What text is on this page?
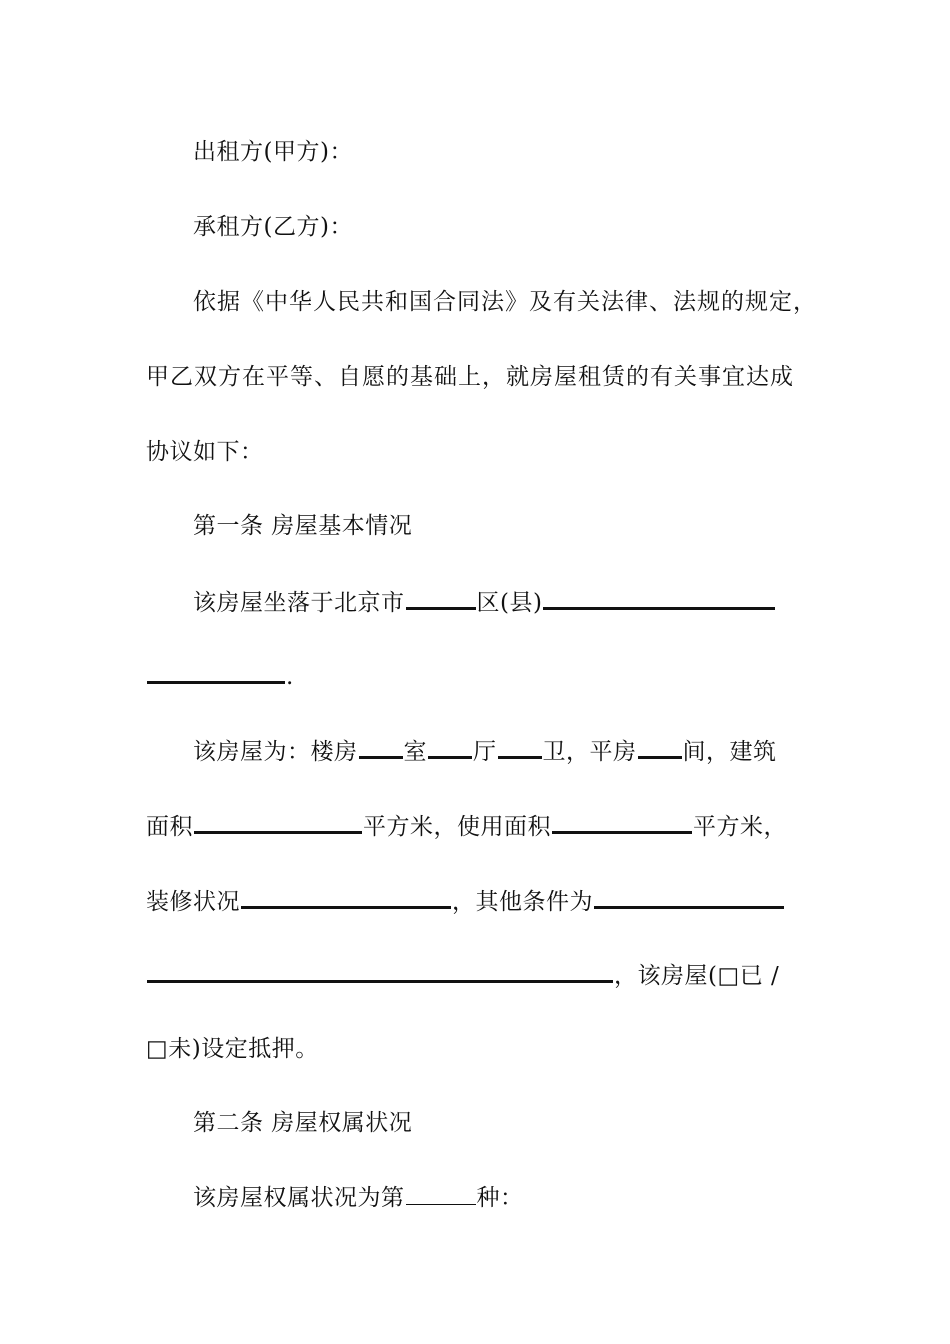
出租方(甲方)：
承租方(乙方)：
依据《中华人民共和国合同法》及有关法律、法规的规定，
甲乙双方在平等、自愿的基础上，就房屋租赁的有关事宜达成
协议如下：
第一条 房屋基本情况
该房屋坐落于北京市	区(县)
.
该房屋为：楼房 室 厅 卫，平房 间，建筑
面积	平方米，使用面积	平方米，
装修状况	，其他条件为
，该房屋(□已 /
□未)设定抵押。
第二条 房屋权属状况
该房屋权属状况为第	种：
